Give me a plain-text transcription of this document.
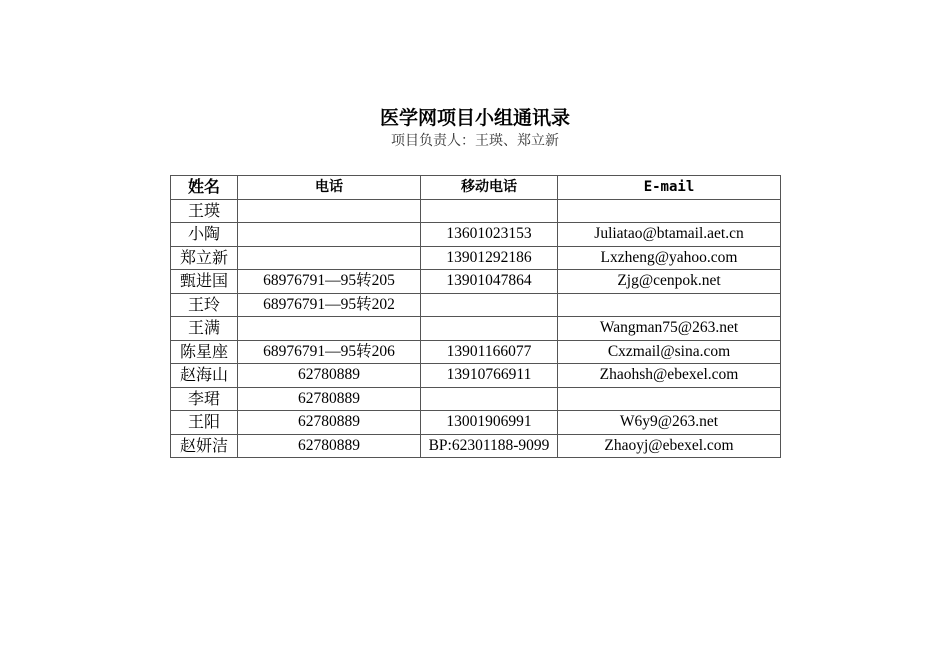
医学网项目小组通讯录
项目负责人：王瑛、郑立新
姓名	电话	移动电话	E-mail
王瑛			
小陶		13601023153	Juliatao@btamail.aet.cn
郑立新		13901292186	Lxzheng@yahoo.com
甄进国	68976791—95转205	13901047864	Zjg@cenpok.net
王玲	68976791—95转202		
王满			Wangman75@263.net
陈星座	68976791—95转206	13901166077	Cxzmail@sina.com
赵海山	62780889	13910766911	Zhaohsh@ebexel.com
李珺	62780889		
王阳	62780889	13001906991	W6y9@263.net
赵妍洁	62780889	BP:62301188-9099	Zhaoyj@ebexel.com
